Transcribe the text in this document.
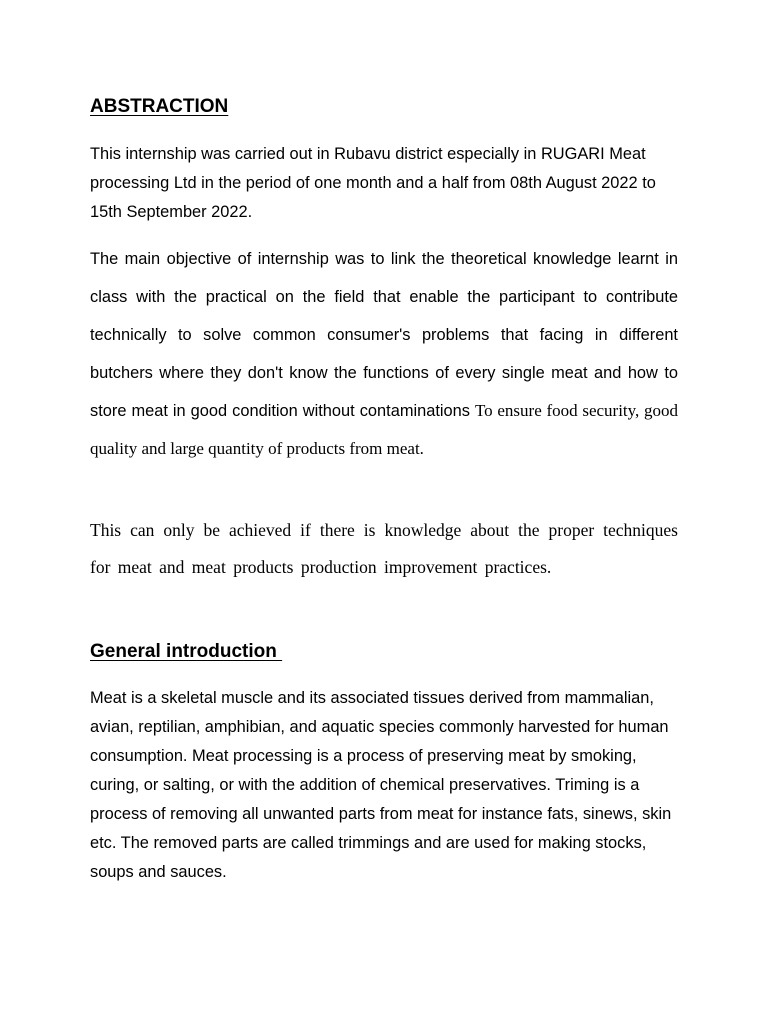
ABSTRACTION

This internship was carried out in Rubavu district especially in RUGARI Meat processing Ltd in the period of one month and a half from 08th August 2022 to 15th September 2022.

The main objective of internship was to link the theoretical knowledge learnt in class with the practical on the field that enable the participant to contribute technically to solve common consumer's problems that facing in different butchers where they don't know the functions of every single meat and how to store meat in good condition without contaminations To ensure food security, good quality and large quantity of products from meat.

This can only be achieved if there is knowledge about the proper techniques for meat and meat products production improvement practices.

General introduction

Meat is a skeletal muscle and its associated tissues derived from mammalian, avian, reptilian, amphibian, and aquatic species commonly harvested for human consumption. Meat processing is a process of preserving meat by smoking, curing, or salting, or with the addition of chemical preservatives. Triming is a process of removing all unwanted parts from meat for instance fats, sinews, skin etc. The removed parts are called trimmings and are used for making stocks, soups and sauces.
